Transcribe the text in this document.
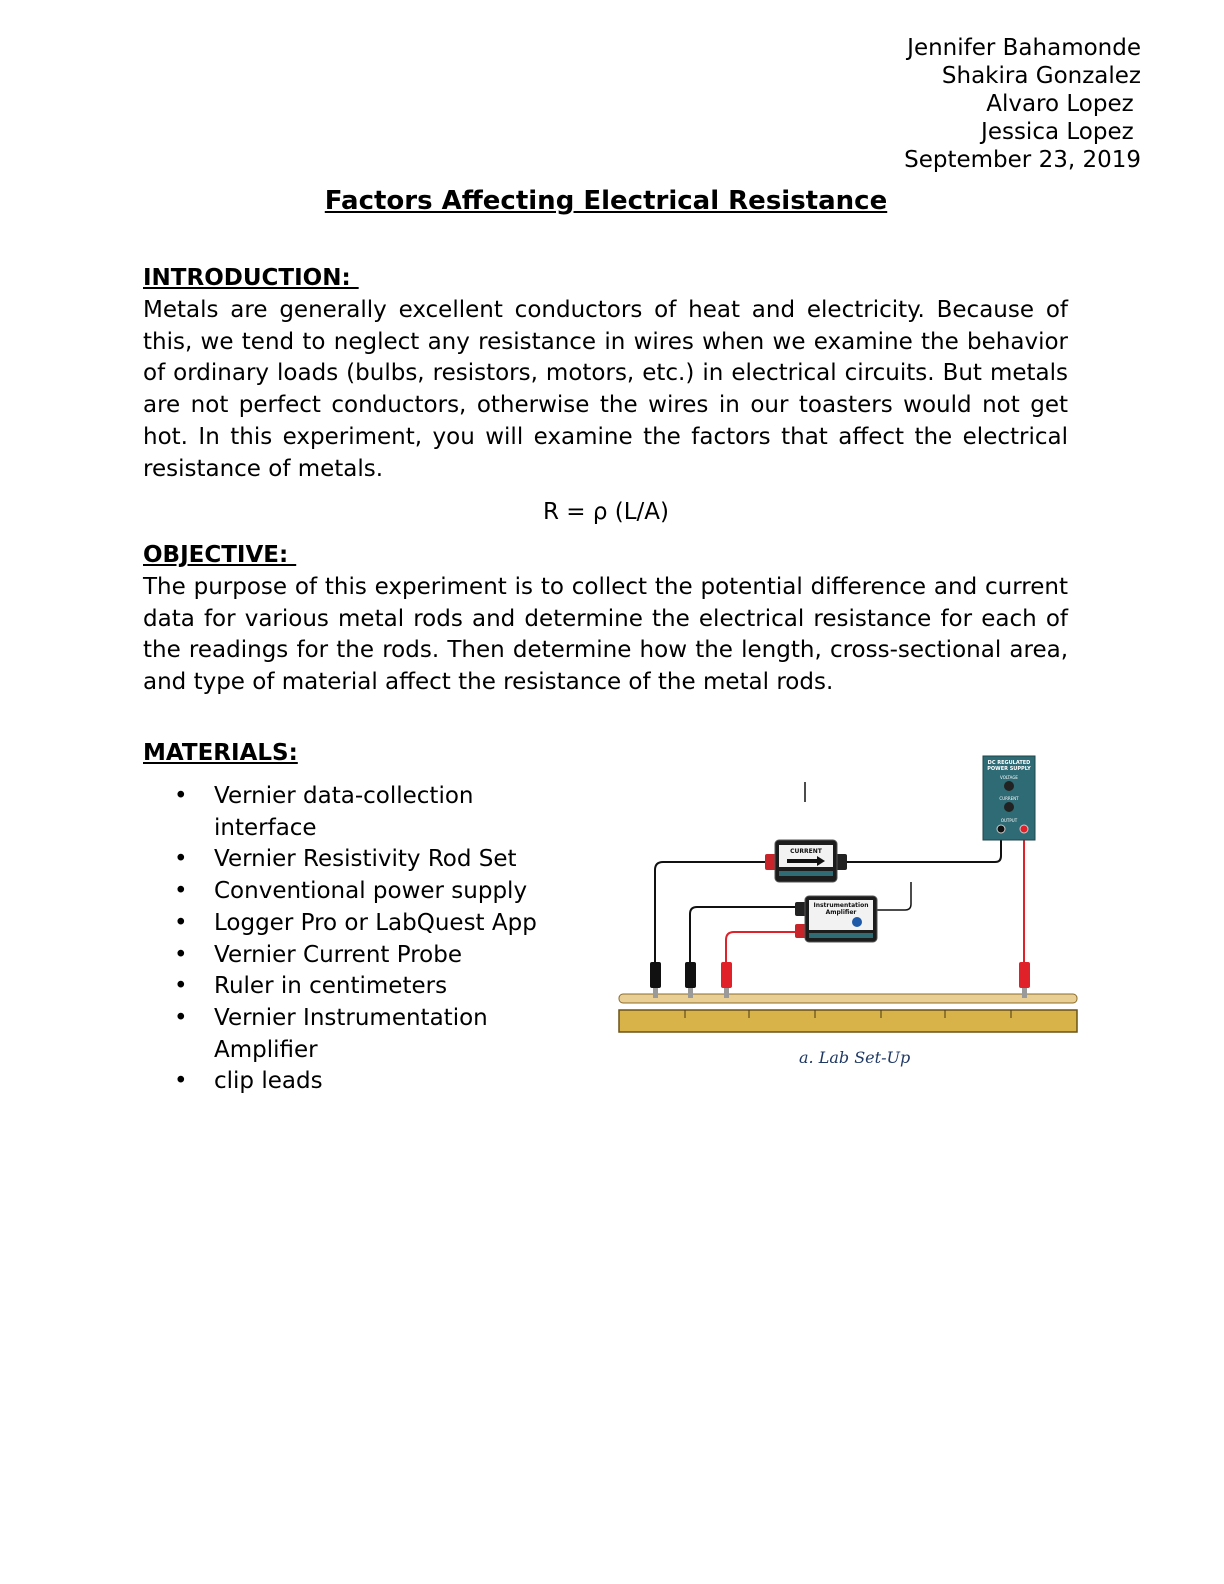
Jennifer Bahamonde
Shakira Gonzalez
Alvaro Lopez
Jessica Lopez
September 23, 2019
Factors Affecting Electrical Resistance
INTRODUCTION:
Metals are generally excellent conductors of heat and electricity. Because of this, we tend to neglect any resistance in wires when we examine the behavior of ordinary loads (bulbs, resistors, motors, etc.) in electrical circuits. But metals are not perfect conductors, otherwise the wires in our toasters would not get hot. In this experiment, you will examine the factors that affect the electrical resistance of metals.
R = ρ (L/A)
OBJECTIVE:
The purpose of this experiment is to collect the potential difference and current data for various metal rods and determine the electrical resistance for each of the readings for the rods. Then determine how the length, cross-sectional area, and type of material affect the resistance of the metal rods.
MATERIALS:
• Vernier data-collection interface
• Vernier Resistivity Rod Set
• Conventional power supply
• Logger Pro or LabQuest App
• Vernier Current Probe
• Ruler in centimeters
• Vernier Instrumentation Amplifier
• clip leads
CURRENT
Instrumentation
Amplifier
DC REGULATED
POWER SUPPLY
VOLTAGE
CURRENT
OUTPUT
a. Lab Set-Up
